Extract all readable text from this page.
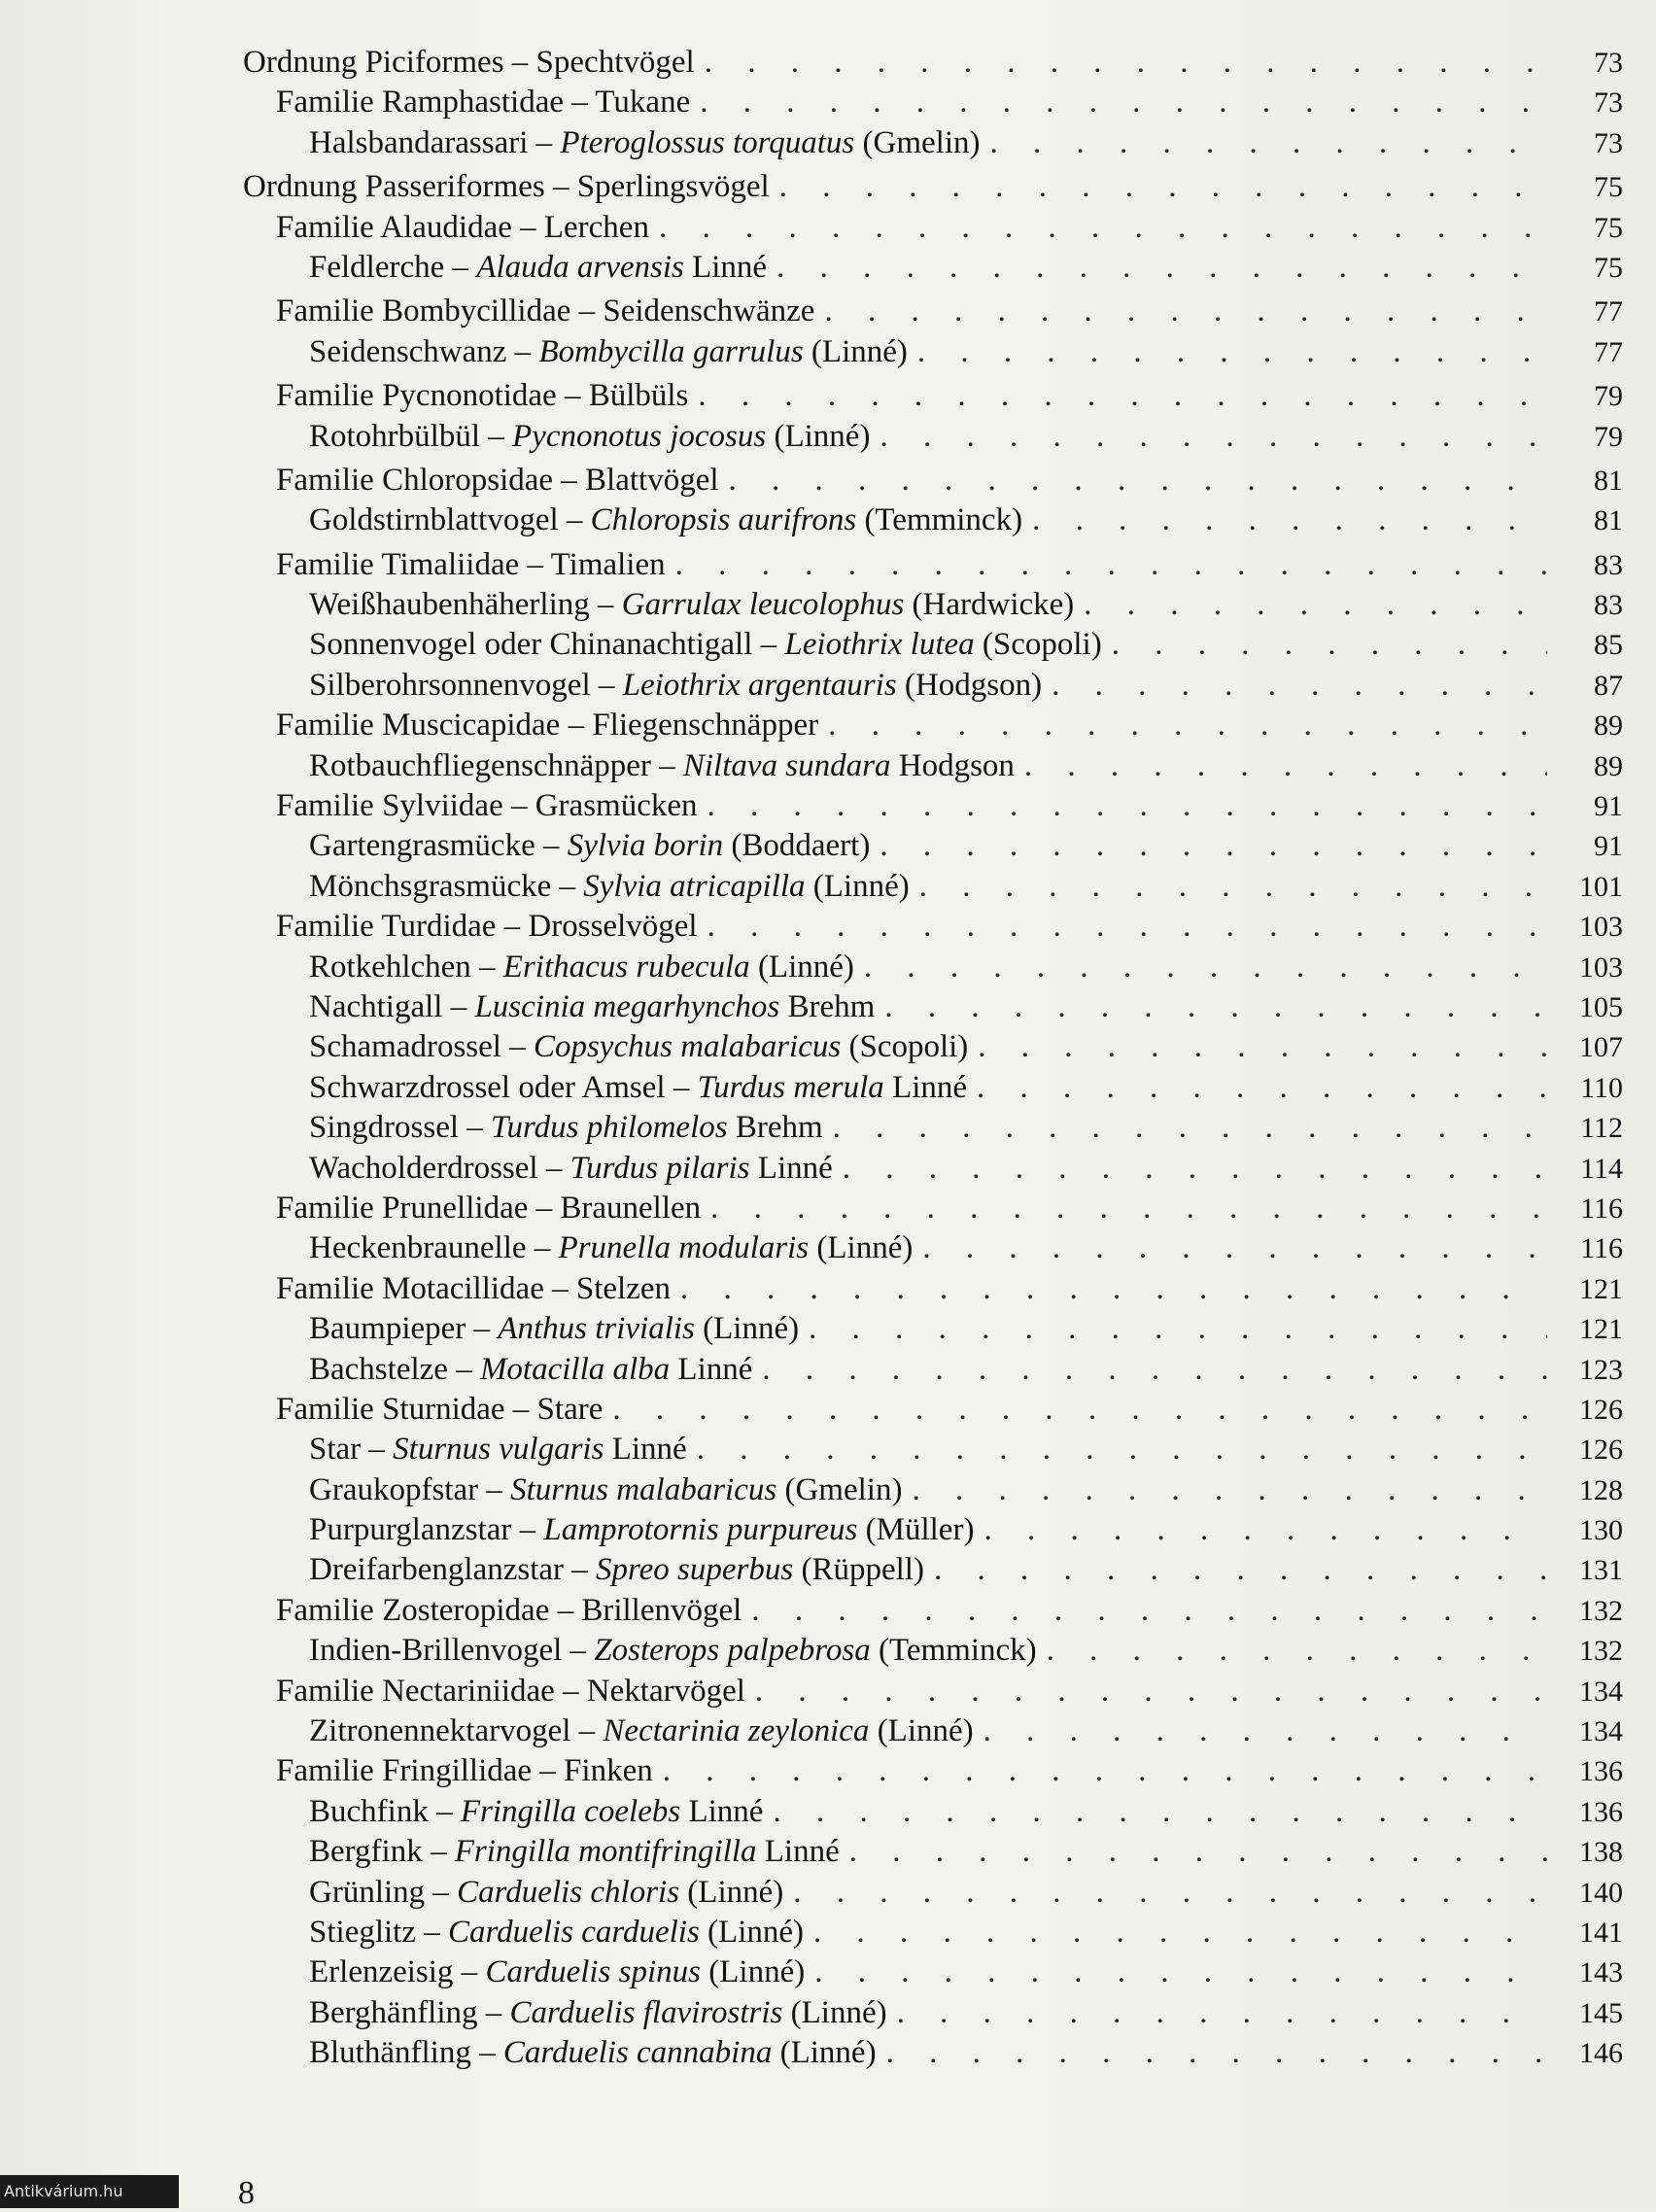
Ordnung Piciformes – Spechtvögel . . .	73
Familie Ramphastidae – Tukane . . .	73
Halsbandarassari – Pteroglossus torquatus (Gmelin) . . .	73
Ordnung Passeriformes – Sperlingsvögel . . .	75
Familie Alaudidae – Lerchen . . .	75
Feldlerche – Alauda arvensis Linné . . .	75
Familie Bombycillidae – Seidenschwänze . . .	77
Seidenschwanz – Bombycilla garrulus (Linné) . . .	77
Familie Pycnonotidae – Bülbüls . . .	79
Rotohrbülbül – Pycnonotus jocosus (Linné) . . .	79
Familie Chloropsidae – Blattvögel . . .	81
Goldstirnblattvogel – Chloropsis aurifrons (Temminck) . . .	81
Familie Timaliidae – Timalien . . .	83
Weißhaubenhäherling – Garrulax leucolophus (Hardwicke) . . .	83
Sonnenvogel oder Chinanachtigall – Leiothrix lutea (Scopoli) . . .	85
Silberohrsonnenvogel – Leiothrix argentauris (Hodgson) . . .	87
Familie Muscicapidae – Fliegenschnäpper . . .	89
Rotbauchfliegenschnäpper – Niltava sundara Hodgson . . .	89
Familie Sylviidae – Grasmücken . . .	91
Gartengrasmücke – Sylvia borin (Boddaert) . . .	91
Mönchsgrasmücke – Sylvia atricapilla (Linné) . . .	101
Familie Turdidae – Drosselvögel . . .	103
Rotkehlchen – Erithacus rubecula (Linné) . . .	103
Nachtigall – Luscinia megarhynchos Brehm . . .	105
Schamadrossel – Copsychus malabaricus (Scopoli) . . .	107
Schwarzdrossel oder Amsel – Turdus merula Linné . . .	110
Singdrossel – Turdus philomelos Brehm . . .	112
Wacholderdrossel – Turdus pilaris Linné . . .	114
Familie Prunellidae – Braunellen . . .	116
Heckenbraunelle – Prunella modularis (Linné) . . .	116
Familie Motacillidae – Stelzen . . .	121
Baumpieper – Anthus trivialis (Linné) . . .	121
Bachstelze – Motacilla alba Linné . . .	123
Familie Sturnidae – Stare . . .	126
Star – Sturnus vulgaris Linné . . .	126
Graukopfstar – Sturnus malabaricus (Gmelin) . . .	128
Purpurglanzstar – Lamprotornis purpureus (Müller) . . .	130
Dreifarbenglanzstar – Spreo superbus (Rüppell) . . .	131
Familie Zosteropidae – Brillenvögel . . .	132
Indien-Brillenvogel – Zosterops palpebrosa (Temminck) . . .	132
Familie Nectariniidae – Nektarvögel . . .	134
Zitronennektarvogel – Nectarinia zeylonica (Linné) . . .	134
Familie Fringillidae – Finken . . .	136
Buchfink – Fringilla coelebs Linné . . .	136
Bergfink – Fringilla montifringilla Linné . . .	138
Grünling – Carduelis chloris (Linné) . . .	140
Stieglitz – Carduelis carduelis (Linné) . . .	141
Erlenzeisig – Carduelis spinus (Linné) . . .	143
Berghänfling – Carduelis flavirostris (Linné) . . .	145
Bluthänfling – Carduelis cannabina (Linné) . . .	146
8
Antikvárium.hu
